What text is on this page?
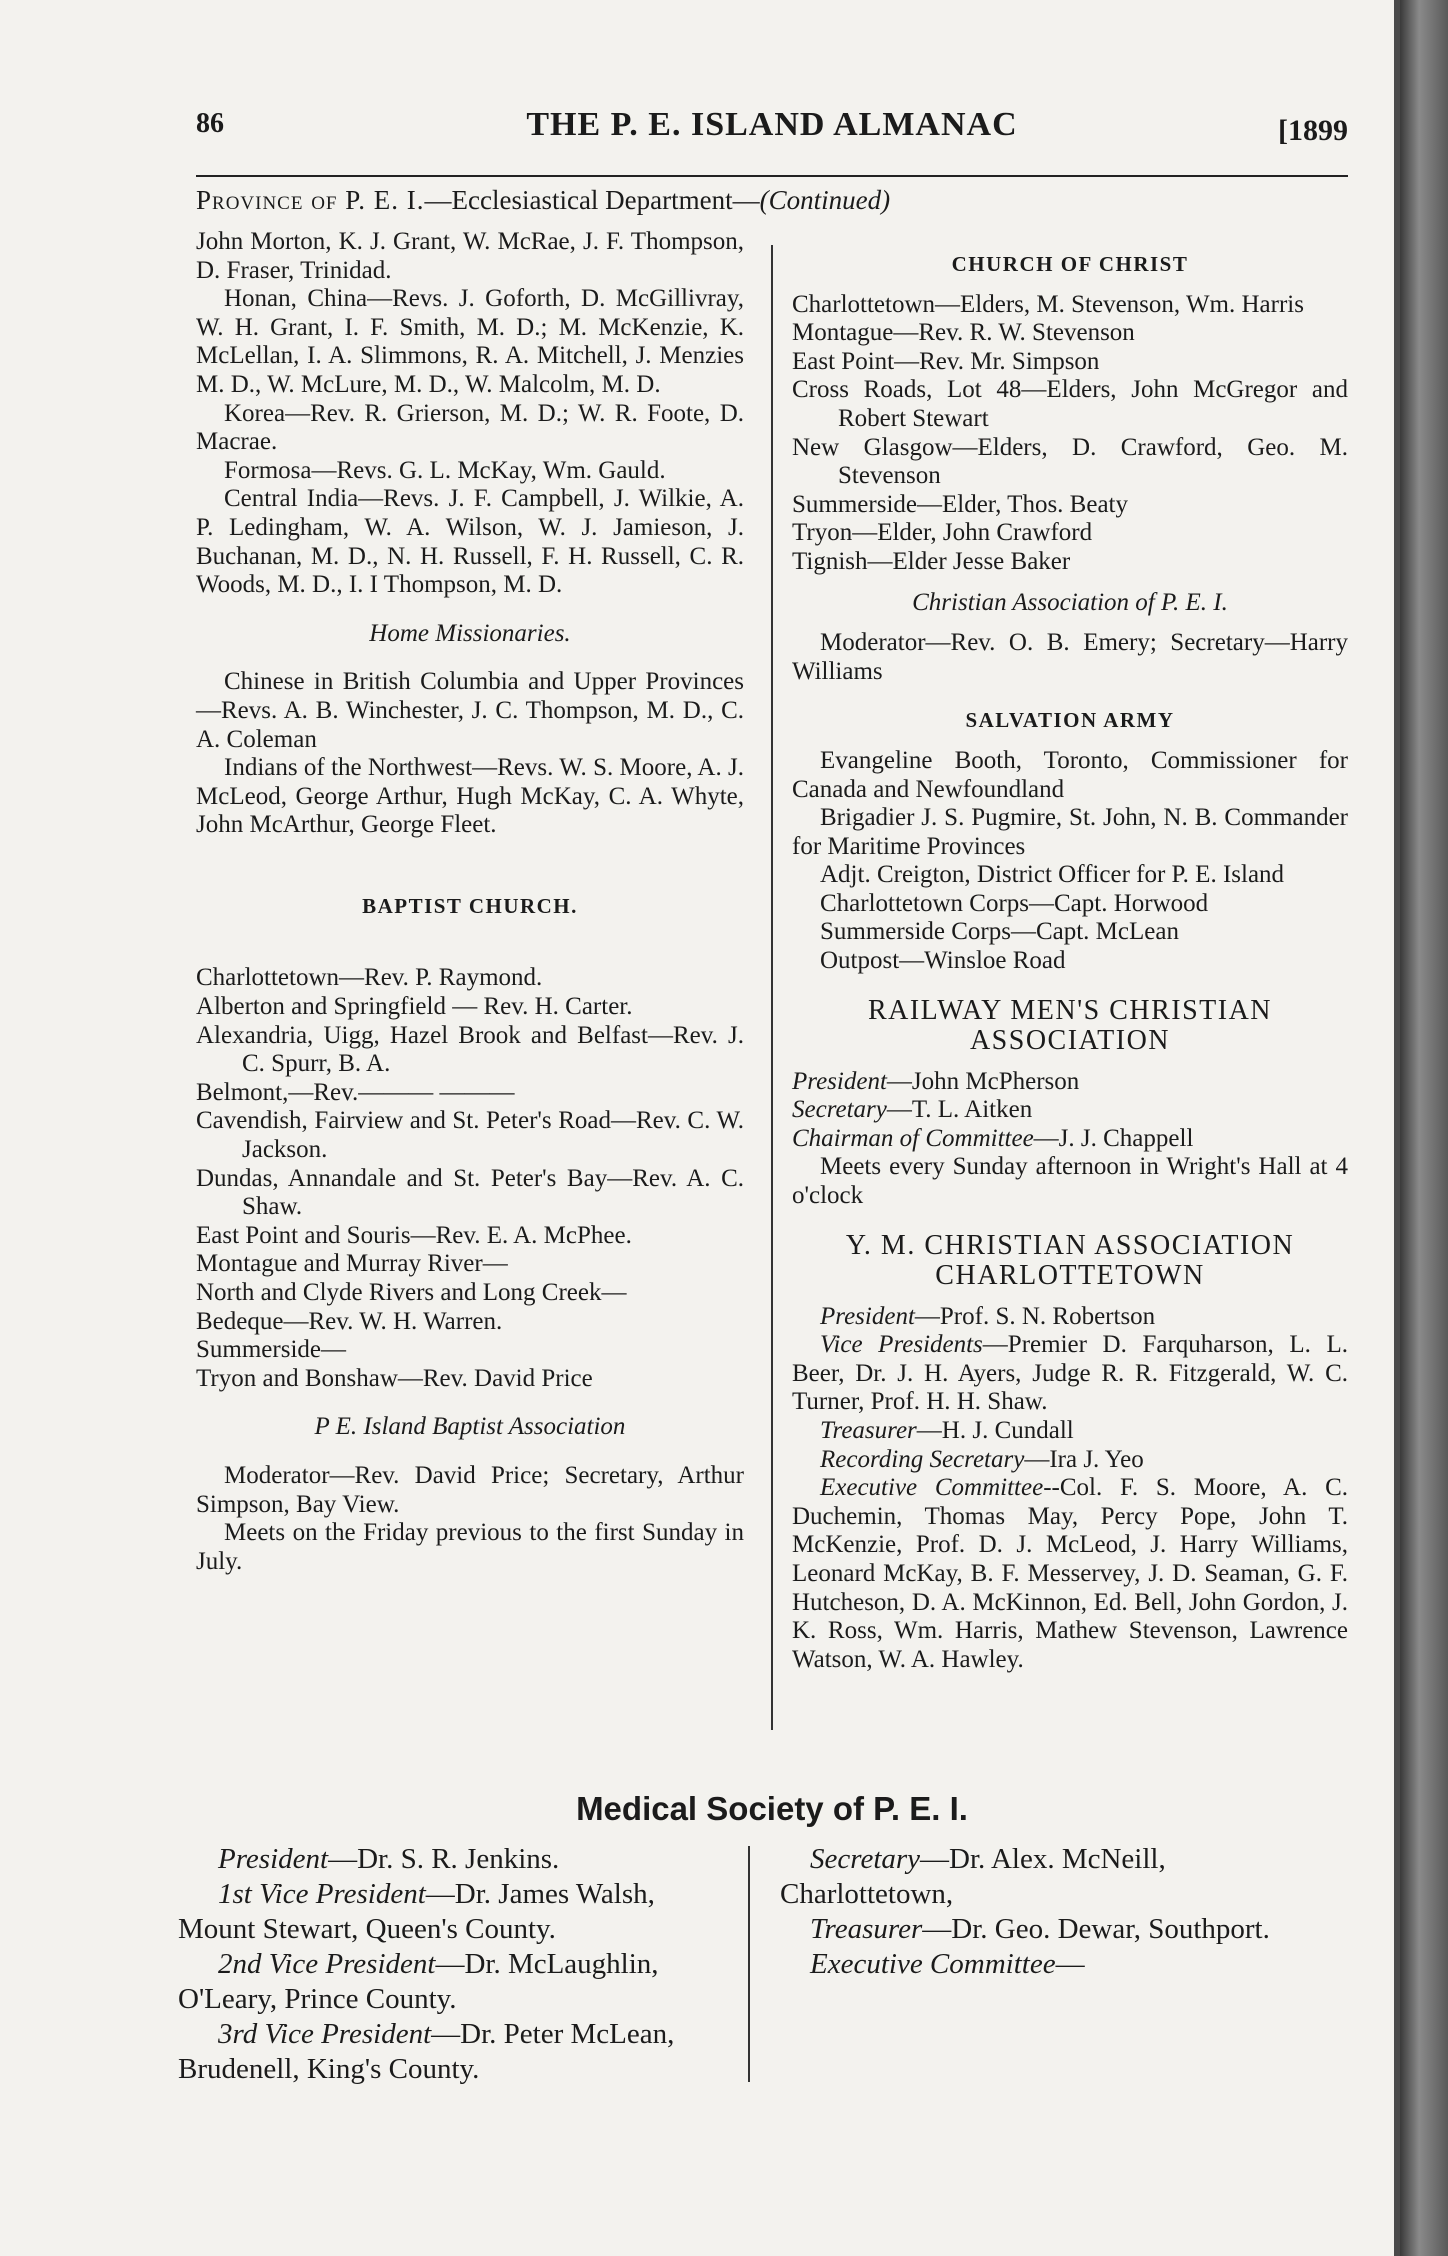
86	THE P. E. ISLAND ALMANAC	[1899
Province of P. E. I.—Ecclesiastical Department—(Continued)

John Morton, K. J. Grant, W. McRae, J. F. Thompson, D. Fraser, Trinidad.

Honan, China—Revs. J. Goforth, D. McGillivray, W. H. Grant, I. F. Smith, M. D.; M. McKenzie, K. McLellan, I. A. Slimmons, R. A. Mitchell, J. Menzies M. D., W. McLure, M. D., W. Malcolm, M. D.

Korea—Rev. R. Grierson, M. D.; W. R. Foote, D. Macrae.

Formosa—Revs. G. L. McKay, Wm. Gauld.

Central India—Revs. J. F. Campbell, J. Wilkie, A. P. Ledingham, W. A. Wilson, W. J. Jamieson, J. Buchanan, M. D., N. H. Russell, F. H. Russell, C. R. Woods, M. D., I. I Thompson, M. D.

Home Missionaries.

Chinese in British Columbia and Upper Provinces—Revs. A. B. Winchester, J. C. Thompson, M. D., C. A. Coleman

Indians of the Northwest—Revs. W. S. Moore, A. J. McLeod, George Arthur, Hugh McKay, C. A. Whyte, John McArthur, George Fleet.

BAPTIST CHURCH.

Charlottetown—Rev. P. Raymond.

Alberton and Springfield — Rev. H. Carter.

Alexandria, Uigg, Hazel Brook and Belfast—Rev. J. C. Spurr, B. A.

Belmont,—Rev.——— ———

Cavendish, Fairview and St. Peter's Road—Rev. C. W. Jackson.

Dundas, Annandale and St. Peter's Bay—Rev. A. C. Shaw.

East Point and Souris—Rev. E. A. McPhee.

Montague and Murray River—

North and Clyde Rivers and Long Creek—

Bedeque—Rev. W. H. Warren.

Summerside—

Tryon and Bonshaw—Rev. David Price

P E. Island Baptist Association

Moderator—Rev. David Price; Secretary, Arthur Simpson, Bay View.

Meets on the Friday previous to the first Sunday in July.

CHURCH OF CHRIST

Charlottetown—Elders, M. Stevenson, Wm. Harris

Montague—Rev. R. W. Stevenson

East Point—Rev. Mr. Simpson

Cross Roads, Lot 48—Elders, John McGregor and Robert Stewart

New Glasgow—Elders, D. Crawford, Geo. M. Stevenson

Summerside—Elder, Thos. Beaty

Tryon—Elder, John Crawford

Tignish—Elder Jesse Baker

Christian Association of P. E. I.

Moderator—Rev. O. B. Emery; Secretary—Harry Williams

SALVATION ARMY

Evangeline Booth, Toronto, Commissioner for Canada and Newfoundland

Brigadier J. S. Pugmire, St. John, N. B. Commander for Maritime Provinces

Adjt. Creigton, District Officer for P. E. Island

Charlottetown Corps—Capt. Horwood

Summerside Corps—Capt. McLean

Outpost—Winsloe Road

RAILWAY MEN'S CHRISTIAN ASSOCIATION

President—John McPherson

Secretary—T. L. Aitken

Chairman of Committee—J. J. Chappell

Meets every Sunday afternoon in Wright's Hall at 4 o'clock

Y. M. CHRISTIAN ASSOCIATION CHARLOTTETOWN

President—Prof. S. N. Robertson

Vice Presidents—Premier D. Farquharson, L. L. Beer, Dr. J. H. Ayers, Judge R. R. Fitzgerald, W. C. Turner, Prof. H. H. Shaw.

Treasurer—H. J. Cundall

Recording Secretary—Ira J. Yeo

Executive Committee--Col. F. S. Moore, A. C. Duchemin, Thomas May, Percy Pope, John T. McKenzie, Prof. D. J. McLeod, J. Harry Williams, Leonard McKay, B. F. Messervey, J. D. Seaman, G. F. Hutcheson, D. A. McKinnon, Ed. Bell, John Gordon, J. K. Ross, Wm. Harris, Mathew Stevenson, Lawrence Watson, W. A. Hawley.

Medical Society of P. E. I.

President—Dr. S. R. Jenkins.

1st Vice President—Dr. James Walsh, Mount Stewart, Queen's County.

2nd Vice President—Dr. McLaughlin, O'Leary, Prince County.

3rd Vice President—Dr. Peter McLean, Brudenell, King's County.

Secretary—Dr. Alex. McNeill, Charlottetown,

Treasurer—Dr. Geo. Dewar, Southport.

Executive Committee—
